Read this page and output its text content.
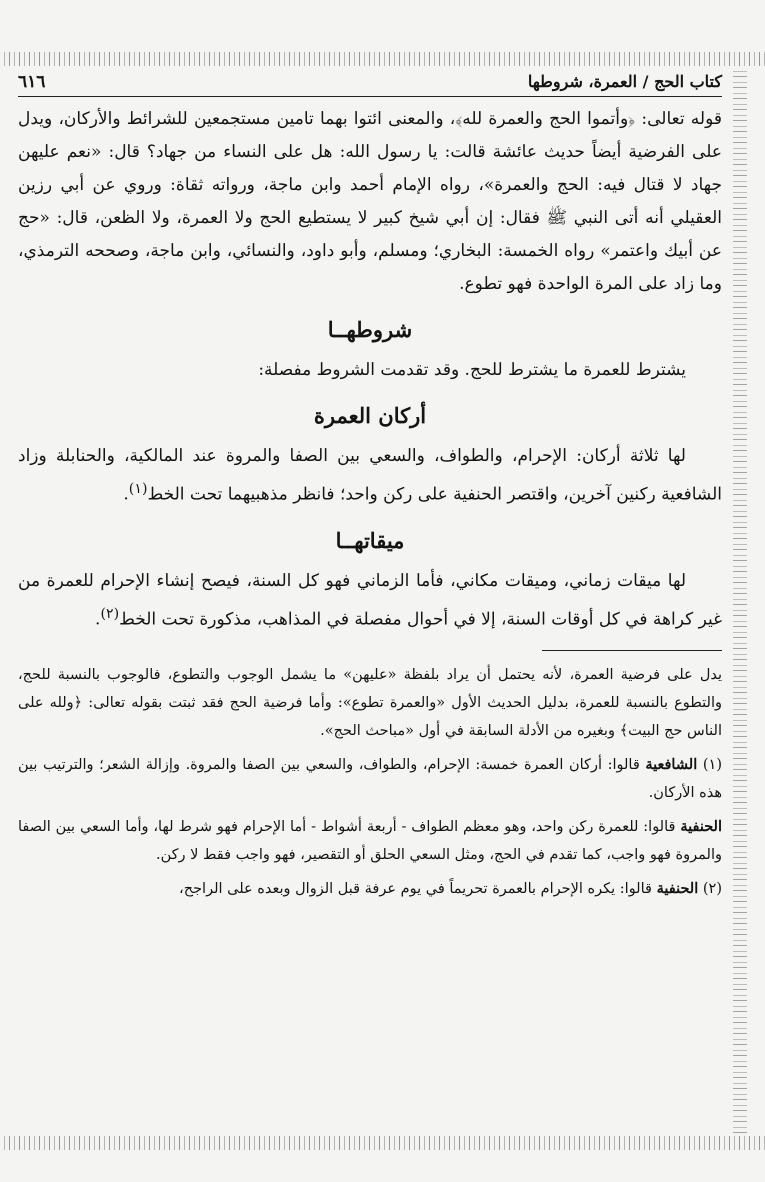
كتاب الحج / العمرة، شروطها
٦١٦

قوله تعالى: ﴿وأتموا الحج والعمرة لله﴾، والمعنى ائتوا بهما تامين مستجمعين للشرائط والأركان، ويدل على الفرضية أيضاً حديث عائشة قالت: يا رسول الله: هل على النساء من جهاد؟ قال: «نعم عليهن جهاد لا قتال فيه: الحج والعمرة»، رواه الإمام أحمد وابن ماجة، ورواته ثقاة: وروي عن أبي رزين العقيلي أنه أتى النبي ﷺ فقال: إن أبي شيخ كبير لا يستطيع الحج ولا العمرة، ولا الظعن، قال: «حج عن أبيك واعتمر» رواه الخمسة: البخاري؛ ومسلم، وأبو داود، والنسائي، وابن ماجة، وصححه الترمذي، وما زاد على المرة الواحدة فهو تطوع.

شروطهــا

يشترط للعمرة ما يشترط للحج. وقد تقدمت الشروط مفصلة:

أركان العمرة

لها ثلاثة أركان: الإحرام، والطواف، والسعي بين الصفا والمروة عند المالكية، والحنابلة وزاد الشافعية ركنين آخرين، واقتصر الحنفية على ركن واحد؛ فانظر مذهبيهما تحت الخط$^{(١)}$.

ميقاتهــا

لها ميقات زماني، وميقات مكاني، فأما الزماني فهو كل السنة، فيصح إنشاء الإحرام للعمرة من غير كراهة في كل أوقات السنة، إلا في أحوال مفصلة في المذاهب، مذكورة تحت الخط$^{(٢)}$.

يدل على فرضية العمرة، لأنه يحتمل أن يراد بلفظة «عليهن» ما يشمل الوجوب والتطوع، فالوجوب بالنسبة للحج، والتطوع بالنسبة للعمرة، بدليل الحديث الأول «والعمرة تطوع»: وأما فرضية الحج فقد ثبتت بقوله تعالى: ﴿ولله على الناس حج البيت﴾ وبغيره من الأدلة السابقة في أول «مباحث الحج».

(١) الشافعية قالوا: أركان العمرة خمسة: الإحرام، والطواف، والسعي بين الصفا والمروة. وإزالة الشعر؛ والترتيب بين هذه الأركان.

الحنفية قالوا: للعمرة ركن واحد، وهو معظم الطواف - أربعة أشواط - أما الإحرام فهو شرط لها، وأما السعي بين الصفا والمروة فهو واجب، كما تقدم في الحج، ومثل السعي الحلق أو التقصير، فهو واجب فقط لا ركن.

(٢) الحنفية قالوا: يكره الإحرام بالعمرة تحريماً في يوم عرفة قبل الزوال وبعده على الراجح،
